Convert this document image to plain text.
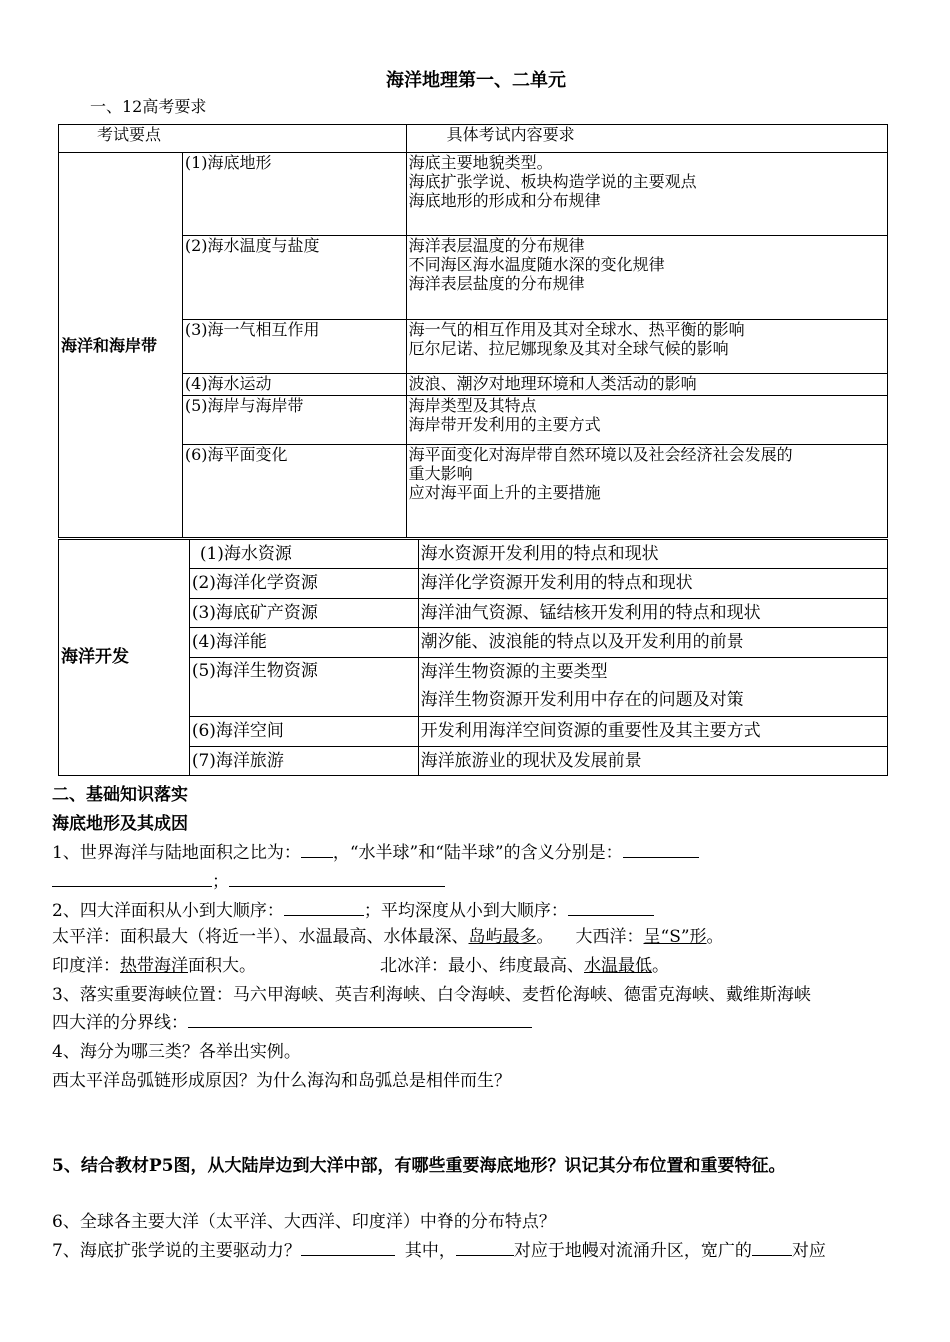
海洋地理第一、二单元
一、12高考要求
考试要点		具体考试内容要求
海洋和海岸带	(1)海底地形	海底主要地貌类型。
海底扩张学说、板块构造学说的主要观点
海底地形的形成和分布规律

	(2)海水温度与盐度	海洋表层温度的分布规律
不同海区海水温度随水深的变化规律
海洋表层盐度的分布规律

	(3)海一气相互作用	海一气的相互作用及其对全球水、热平衡的影响
厄尔尼诺、拉尼娜现象及其对全球气候的影响

	(4)海水运动	波浪、潮汐对地理环境和人类活动的影响

	(5)海岸与海岸带	海岸类型及其特点
海岸带开发利用的主要方式

	(6)海平面变化	海平面变化对海岸带自然环境以及社会经济社会发展的
重大影响
应对海平面上升的主要措施
海洋开发	(1)海水资源	海水资源开发利用的特点和现状
	(2)海洋化学资源	海洋化学资源开发利用的特点和现状
	(3)海底矿产资源	海洋油气资源、锰结核开发利用的特点和现状
	(4)海洋能	潮汐能、波浪能的特点以及开发利用的前景
	(5)海洋生物资源	海洋生物资源的主要类型
海洋生物资源开发利用中存在的问题及对策

	(6)海洋空间	开发利用海洋空间资源的重要性及其主要方式
	(7)海洋旅游	海洋旅游业的现状及发展前景
二、基础知识落实
海底地形及其成因
1、世界海洋与陆地面积之比为： ，“水半球”和“陆半球”的含义分别是：
；
2、四大洋面积从小到大顺序：	；平均深度从小到大顺序：
太平洋：面积最大（将近一半）、水温最高、水体最深、岛屿最多。 大西洋：呈“S”形。
印度洋：热带海洋面积大。	北冰洋：最小、纬度最高、水温最低。
3、落实重要海峡位置：马六甲海峡、英吉利海峡、白令海峡、麦哲伦海峡、德雷克海峡、戴维斯海峡
四大洋的分界线：
4、海分为哪三类？各举出实例。
西太平洋岛弧链形成原因？为什么海沟和岛弧总是相伴而生？
5、结合教材P5图，从大陆岸边到大洋中部，有哪些重要海底地形？识记其分布位置和重要特征。
6、全球各主要大洋（太平洋、大西洋、印度洋）中脊的分布特点？
7、海底扩张学说的主要驱动力？	其中，	对应于地幔对流涌升区，宽广的 对应
